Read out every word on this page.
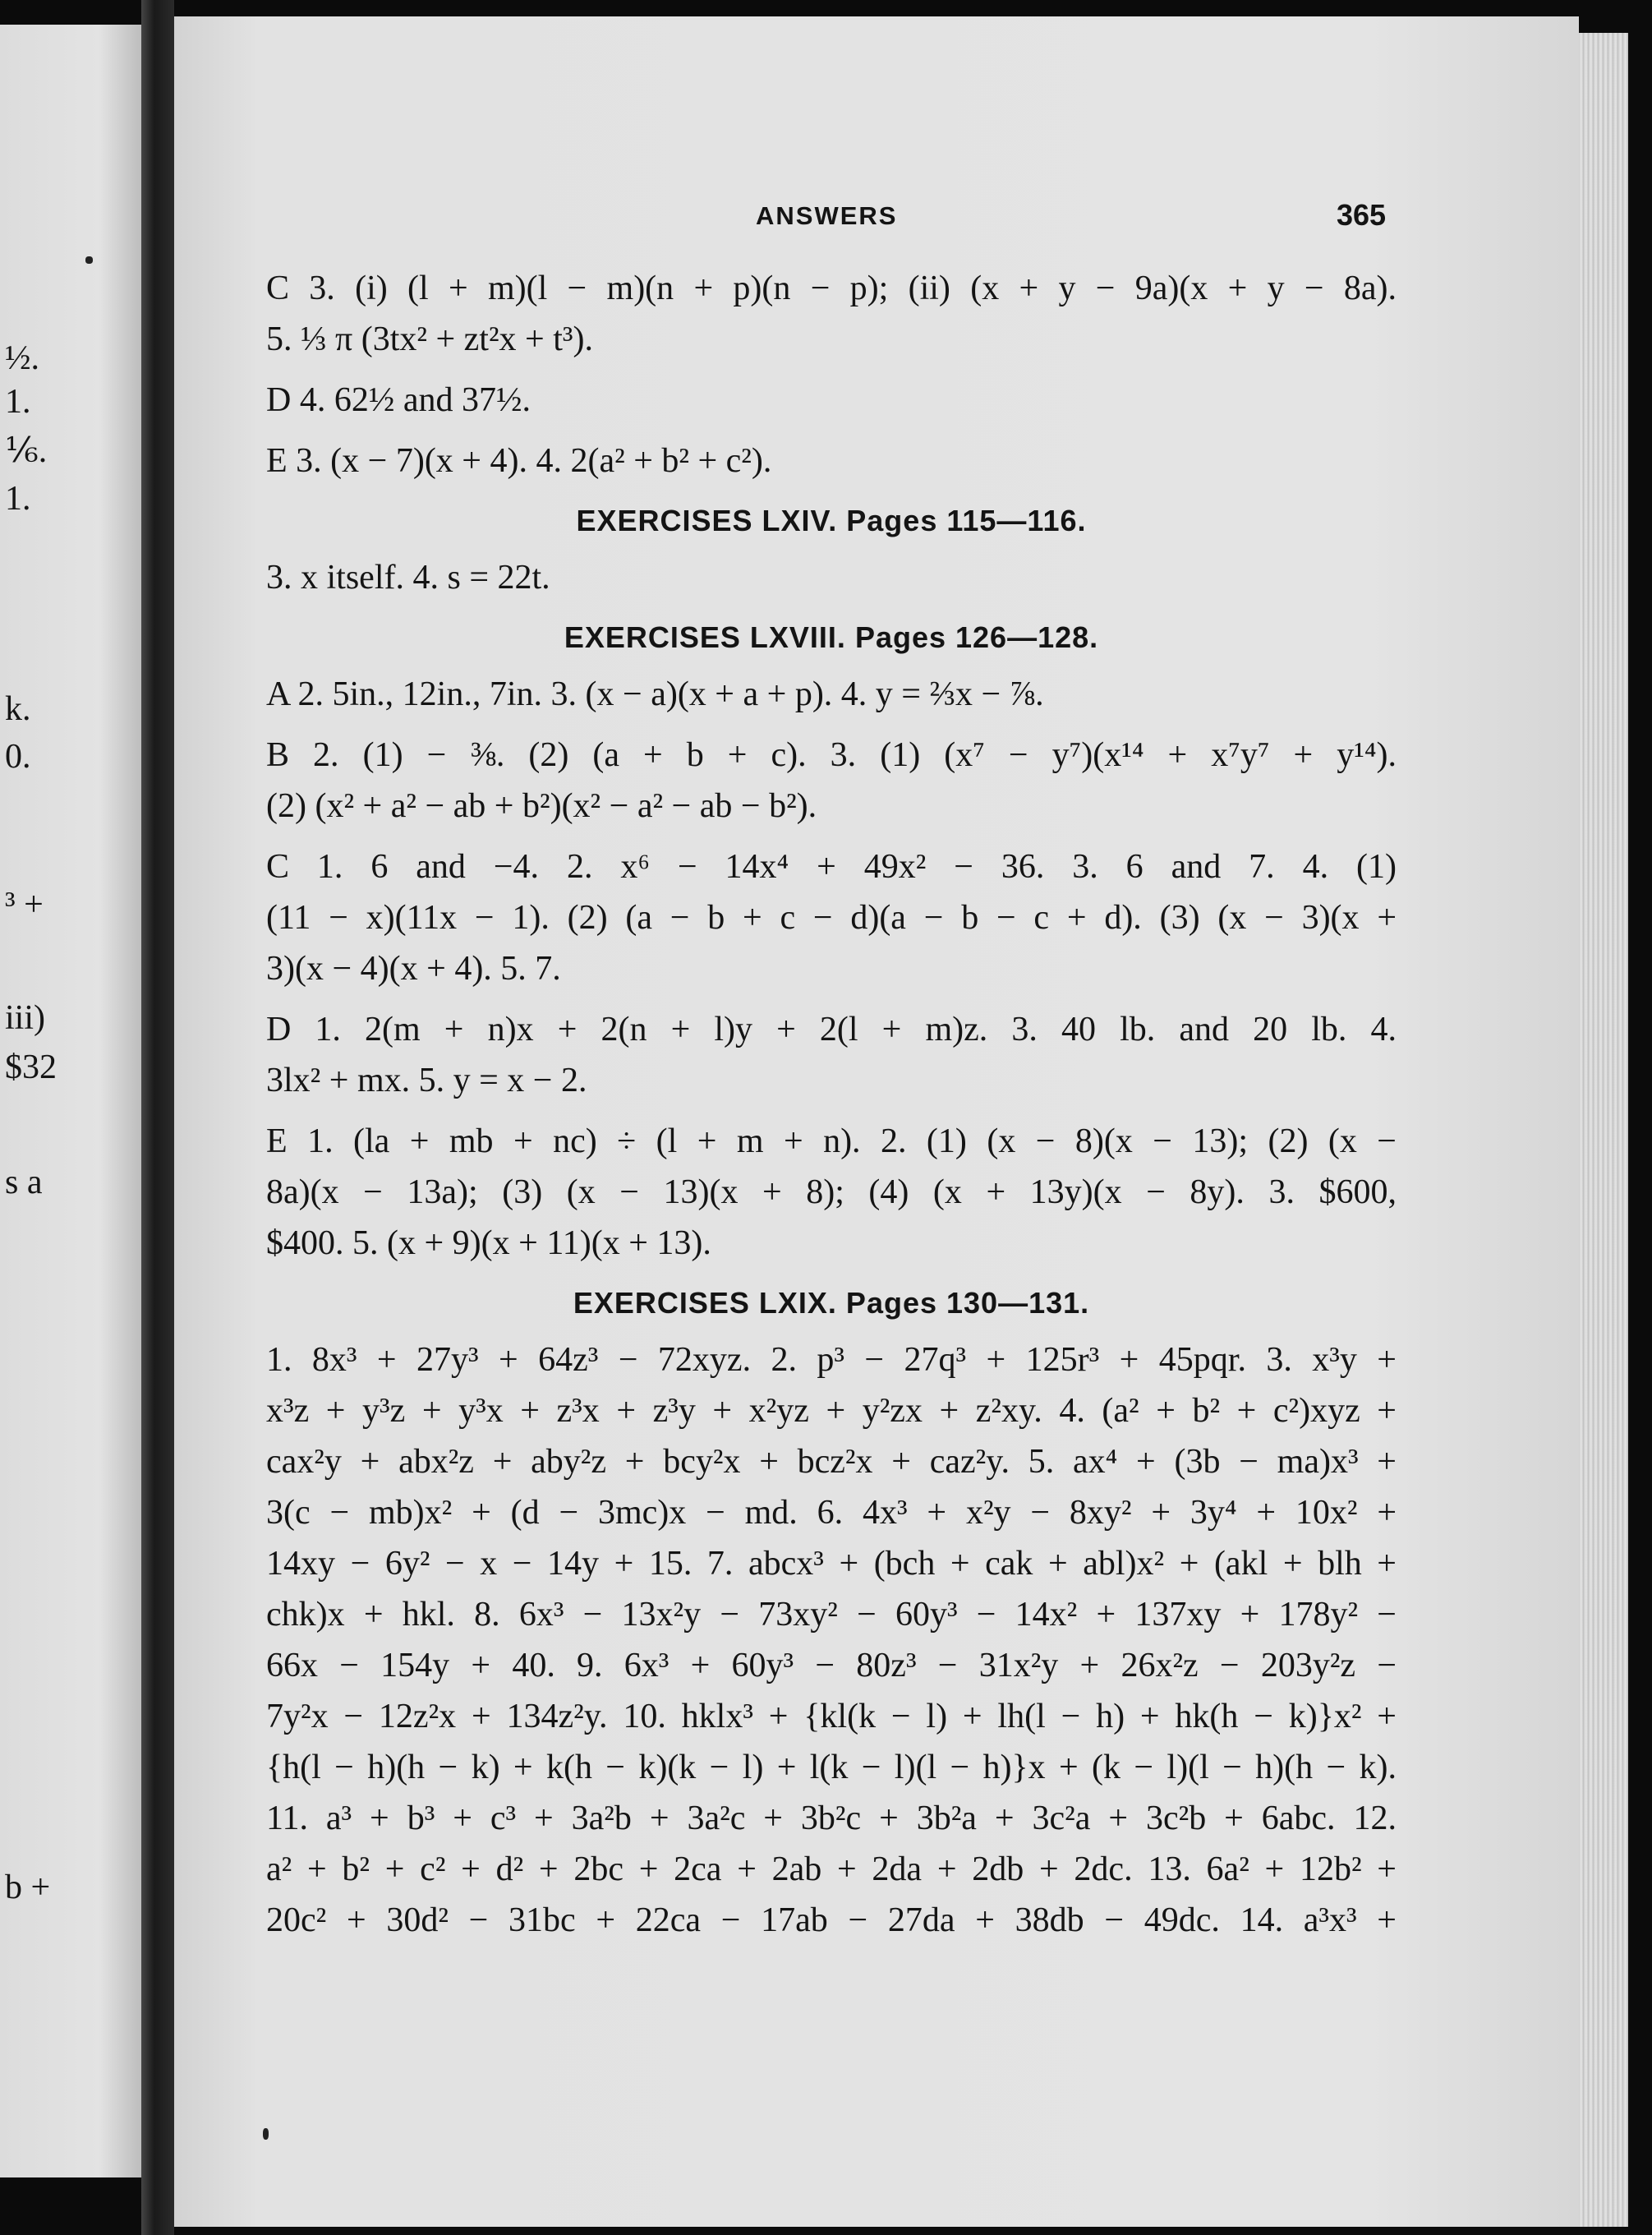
½.
1.
⅙.
1.
k.
0.
³ +
iii)
$32
s a
b +
ANSWERS	365
C 3. (i) (l + m)(l − m)(n + p)(n − p); (ii) (x + y − 9a)(x + y − 8a).
5. ⅓ π (3tx² + zt²x + t³).
D 4. 62½ and 37½.
E 3. (x − 7)(x + 4). 4. 2(a² + b² + c²).
EXERCISES LXIV. Pages 115—116.
3. x itself. 4. s = 22t.
EXERCISES LXVIII. Pages 126—128.
A 2. 5in., 12in., 7in. 3. (x − a)(x + a + p). 4. y = ⅔x − ⅞.
B 2. (1) − ⅜. (2) (a + b + c). 3. (1) (x⁷ − y⁷)(x¹⁴ + x⁷y⁷ + y¹⁴).
(2) (x² + a² − ab + b²)(x² − a² − ab − b²).
C 1. 6 and −4. 2. x⁶ − 14x⁴ + 49x² − 36. 3. 6 and 7. 4. (1)
(11 − x)(11x − 1). (2) (a − b + c − d)(a − b − c + d). (3) (x − 3)(x +
3)(x − 4)(x + 4). 5. 7.
D 1. 2(m + n)x + 2(n + l)y + 2(l + m)z. 3. 40 lb. and 20 lb. 4.
3lx² + mx. 5. y = x − 2.
E 1. (la + mb + nc) ÷ (l + m + n). 2. (1) (x − 8)(x − 13); (2) (x −
8a)(x − 13a); (3) (x − 13)(x + 8); (4) (x + 13y)(x − 8y). 3. $600,
$400. 5. (x + 9)(x + 11)(x + 13).
EXERCISES LXIX. Pages 130—131.
1. 8x³ + 27y³ + 64z³ − 72xyz. 2. p³ − 27q³ + 125r³ + 45pqr. 3. x³y +
x³z + y³z + y³x + z³x + z³y + x²yz + y²zx + z²xy. 4. (a² + b² + c²)xyz +
cax²y + abx²z + aby²z + bcy²x + bcz²x + caz²y. 5. ax⁴ + (3b − ma)x³ +
3(c − mb)x² + (d − 3mc)x − md. 6. 4x³ + x²y − 8xy² + 3y⁴ + 10x² +
14xy − 6y² − x − 14y + 15. 7. abcx³ + (bch + cak + abl)x² + (akl + blh +
chk)x + hkl. 8. 6x³ − 13x²y − 73xy² − 60y³ − 14x² + 137xy + 178y² −
66x − 154y + 40. 9. 6x³ + 60y³ − 80z³ − 31x²y + 26x²z − 203y²z −
7y²x − 12z²x + 134z²y. 10. hklx³ + {kl(k − l) + lh(l − h) + hk(h − k)}x² +
{h(l − h)(h − k) + k(h − k)(k − l) + l(k − l)(l − h)}x + (k − l)(l − h)(h − k).
11. a³ + b³ + c³ + 3a²b + 3a²c + 3b²c + 3b²a + 3c²a + 3c²b + 6abc. 12.
a² + b² + c² + d² + 2bc + 2ca + 2ab + 2da + 2db + 2dc. 13. 6a² + 12b² +
20c² + 30d² − 31bc + 22ca − 17ab − 27da + 38db − 49dc. 14. a³x³ +
